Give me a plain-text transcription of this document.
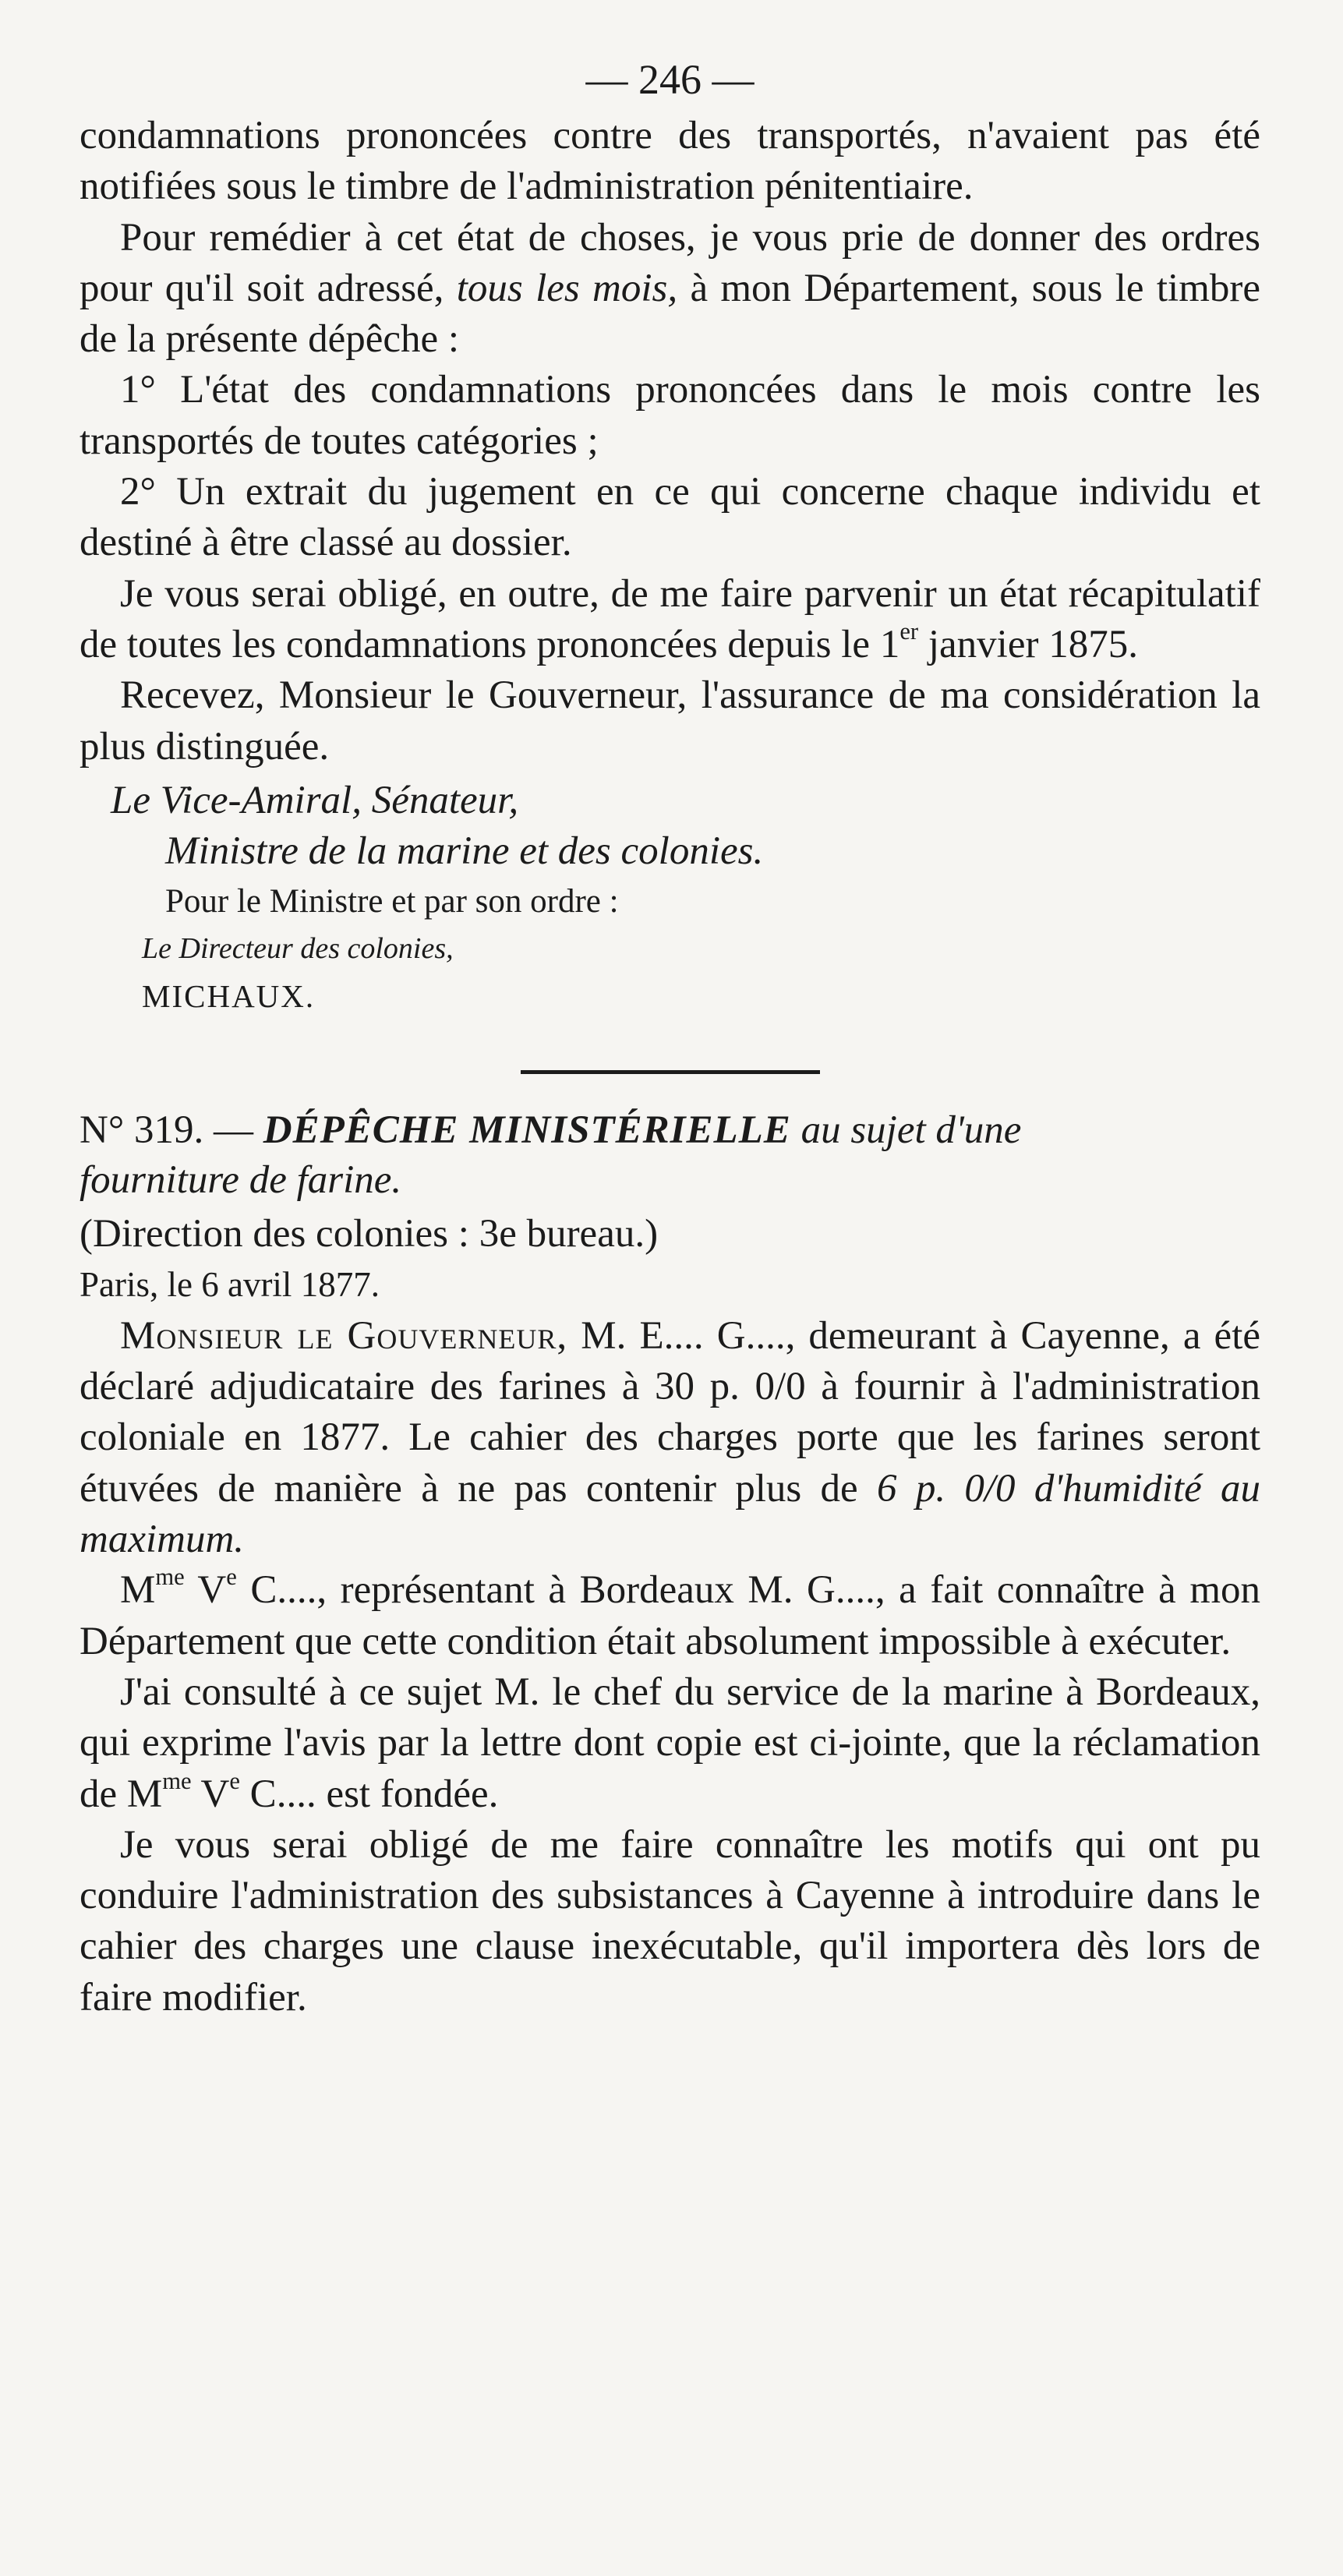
— 246 —

condamnations prononcées contre des transportés, n'avaient pas été notifiées sous le timbre de l'administration pénitentiaire.

Pour remédier à cet état de choses, je vous prie de donner des ordres pour qu'il soit adressé, tous les mois, à mon Département, sous le timbre de la présente dépêche :

1° L'état des condamnations prononcées dans le mois contre les transportés de toutes catégories ;

2° Un extrait du jugement en ce qui concerne chaque individu et destiné à être classé au dossier.

Je vous serai obligé, en outre, de me faire parvenir un état récapitulatif de toutes les condamnations prononcées depuis le 1er janvier 1875.

Recevez, Monsieur le Gouverneur, l'assurance de ma considération la plus distinguée.

Le Vice-Amiral, Sénateur,

Ministre de la marine et des colonies.

Pour le Ministre et par son ordre :

Le Directeur des colonies,

MICHAUX.

N° 319. — DÉPÊCHE MINISTÉRIELLE au sujet d'une
fourniture de farine.

(Direction des colonies : 3e bureau.)

Paris, le 6 avril 1877.

Monsieur le Gouverneur, M. E.... G...., demeurant à Cayenne, a été déclaré adjudicataire des farines à 30 p. 0/0 à fournir à l'administration coloniale en 1877. Le cahier des charges porte que les farines seront étuvées de manière à ne pas contenir plus de 6 p. 0/0 d'humidité au maximum.

$M^{me}$ Ve C...., représentant à Bordeaux M. G...., a fait connaître à mon Département que cette condition était absolument impossible à exécuter.

J'ai consulté à ce sujet M. le chef du service de la marine à Bordeaux, qui exprime l'avis par la lettre dont copie est ci-jointe, que la réclamation de $M^{me}$ Ve C.... est fondée.

Je vous serai obligé de me faire connaître les motifs qui ont pu conduire l'administration des subsistances à Cayenne à introduire dans le cahier des charges une clause inexécutable, qu'il importera dès lors de faire modifier.
